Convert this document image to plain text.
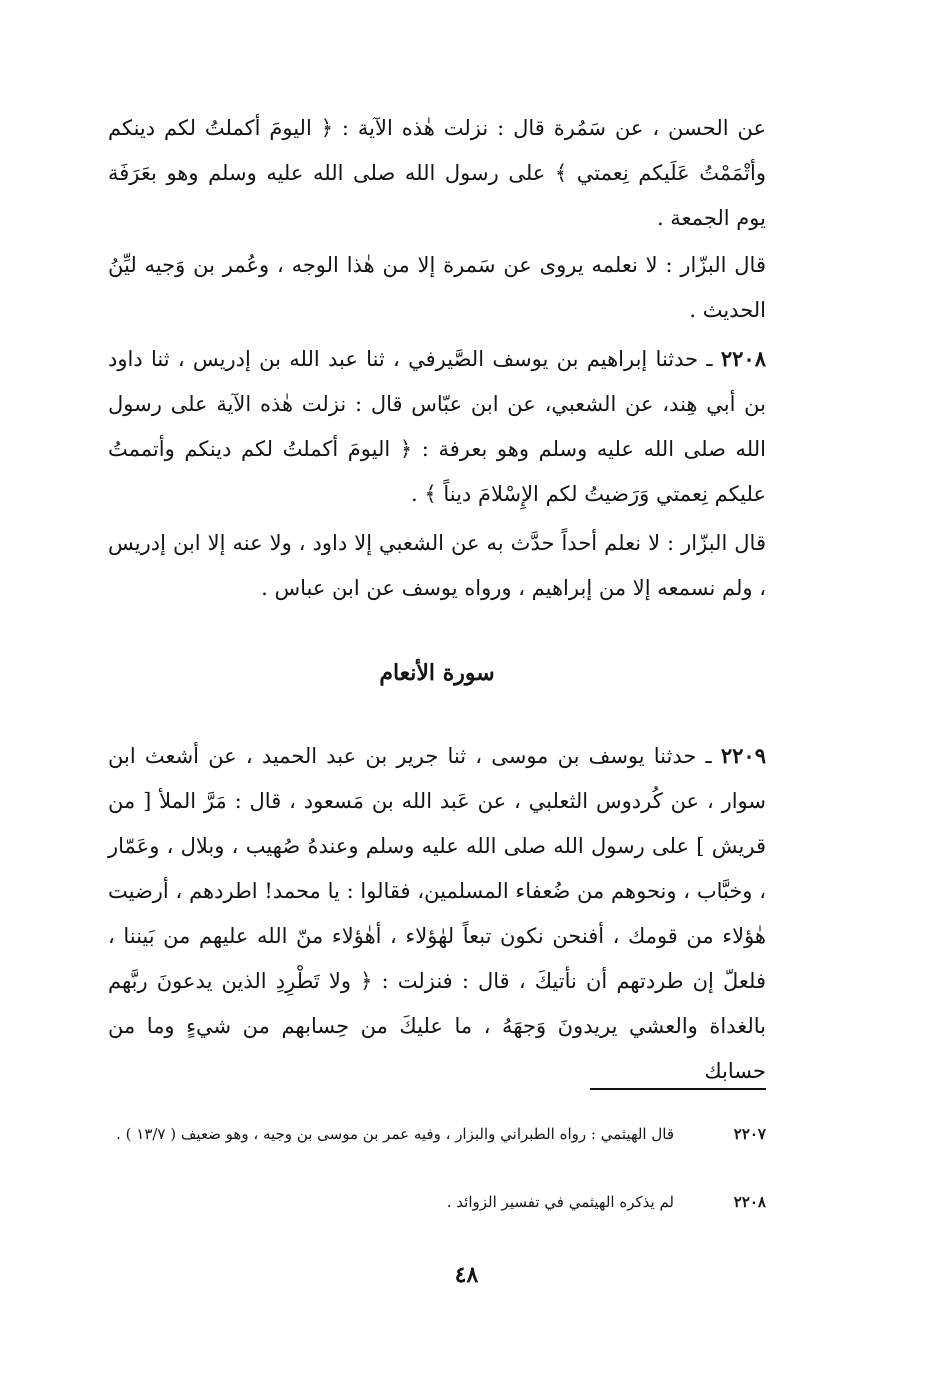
عن الحسن ، عن سَمُرة قال : نزلت هٰذه الآية : ﴿ اليومَ أكملتُ لكم دينكم وأتْمَمْتُ عَلَيكم نِعمتي ﴾ على رسول الله صلى الله عليه وسلم وهو بعَرَفَة يوم الجمعة .

قال البزّار : لا نعلمه يروى عن سَمرة إلا من هٰذا الوجه ، وعُمر بن وَجيه ليِّنُ الحديث .

٢٢٠٨ ـ حدثنا إبراهيم بن يوسف الصَّيرفي ، ثنا عبد الله بن إدريس ، ثنا داود بن أبي هِند، عن الشعبي، عن ابن عبّاس قال : نزلت هٰذه الآية على رسول الله صلى الله عليه وسلم وهو بعرفة : ﴿ اليومَ أكملتُ لكم دينكم وأتممتُ عليكم نِعمتي وَرَضيتُ لكم الإِسْلامَ ديناً ﴾ .

قال البزّار : لا نعلم أحداً حدَّث به عن الشعبي إلا داود ، ولا عنه إلا ابن إدريس ، ولم نسمعه إلا من إبراهيم ، ورواه يوسف عن ابن عباس .

سورة الأنعام

٢٢٠٩ ـ حدثنا يوسف بن موسى ، ثنا جرير بن عبد الحميد ، عن أشعث ابن سوار ، عن كُردوس الثعلبي ، عن عَبد الله بن مَسعود ، قال : مَرَّ الملأ [ من قريش ] على رسول الله صلى الله عليه وسلم وعندهُ صُهيب ، وبلال ، وعَمّار ، وخبَّاب ، ونحوهم من ضُعفاء المسلمين، فقالوا : يا محمد! اطردهم ، أرضيت هٰؤلاء من قومك ، أفنحن نكون تبعاً لهٰؤلاء ، أهٰؤلاء منّ الله عليهم من بَيننا ، فلعلّ إن طردتهم أن نأتيكَ ، قال : فنزلت : ﴿ ولا تَطْرِدِ الذين يدعونَ ربَّهم بالغداة والعشي يريدونَ وَجهَهُ ، ما عليكَ من حِسابهم من شيءٍ وما من حسابك

٢٢٠٧
قال الهيثمي : رواه الطبراني والبزار ، وفيه عمر بن موسى بن وجيه ، وهو ضعيف ( ١٣/٧ ) .
٢٢٠٨
لم يذكره الهيثمي في تفسير الزوائد .
٤٨
